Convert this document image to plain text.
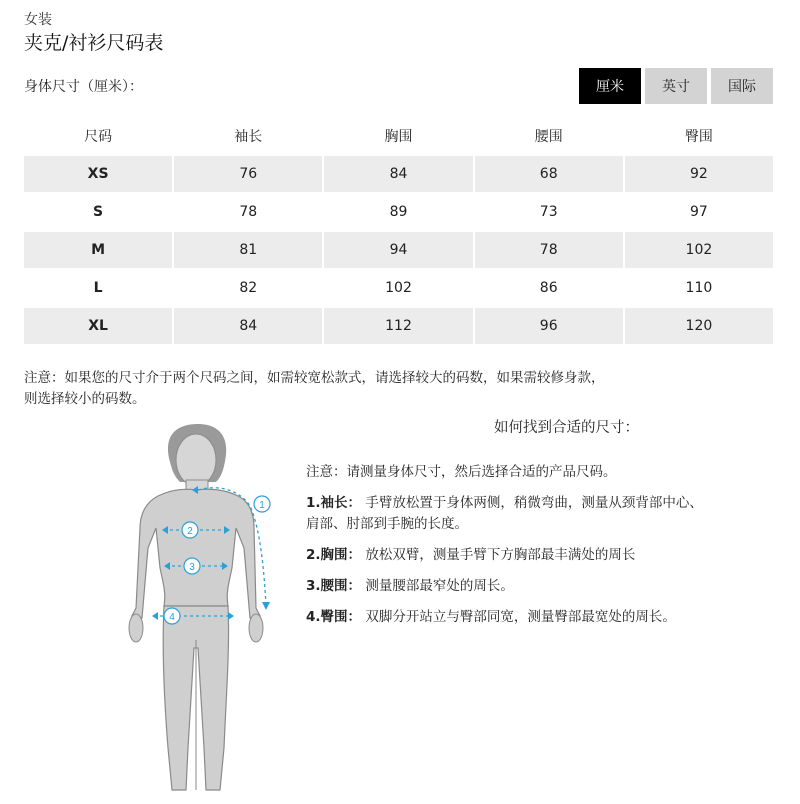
女装
夹克/衬衫尺码表
身体尺寸（厘米）：	厘米	英寸	国际
尺码	袖长	胸围	腰围	臀围
XS	76	84	68	92
S	78	89	73	97
M	81	94	78	102
L	82	102	86	110
XL	84	112	96	120
注意：如果您的尺寸介于两个尺码之间，如需较宽松款式，请选择较大的码数，如果需较修身款，
则选择较小的码数。
如何找到合适的尺寸：
注意：请测量身体尺寸，然后选择合适的产品尺码。
1.袖长： 手臂放松置于身体两侧，稍微弯曲，测量从颈背部中心、肩部、肘部到手腕的长度。
2.胸围： 放松双臂，测量手臂下方胸部最丰满处的周长
3.腰围： 测量腰部最窄处的周长。
4.臀围： 双脚分开站立与臀部同宽，测量臀部最宽处的周长。
1
2
3
4
